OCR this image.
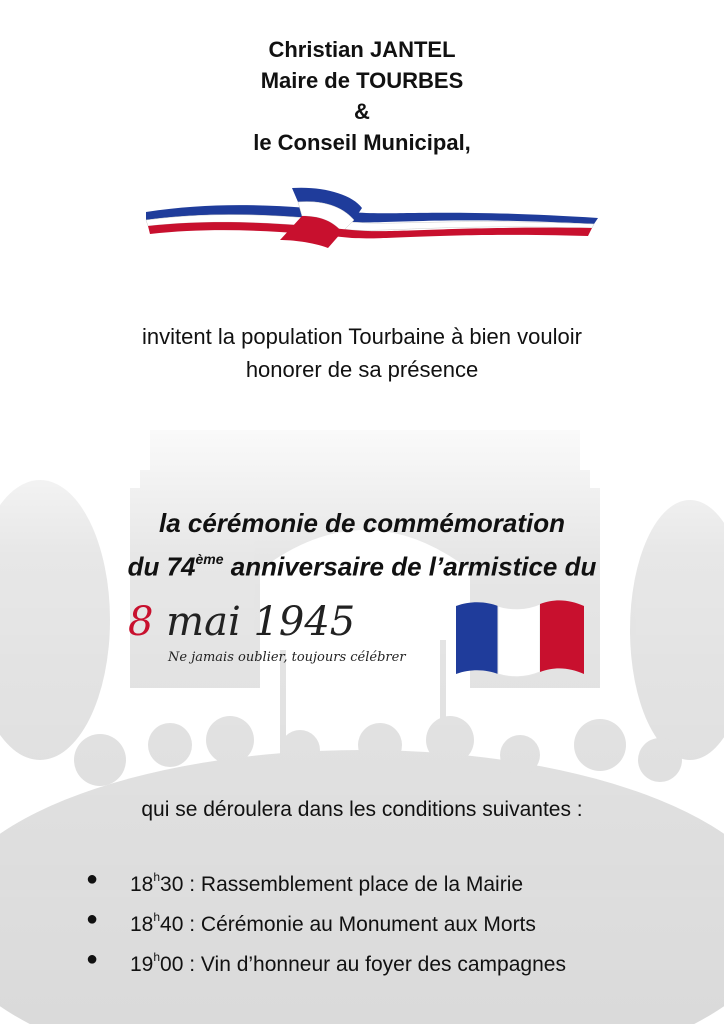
Christian JANTEL
Maire de TOURBES
&
le Conseil Municipal,
invitent la population Tourbaine à bien vouloir
honorer de sa présence
la cérémonie de commémoration
du 74ème anniversaire de l’armistice du
8 mai 1945
Ne jamais oublier, toujours célébrer
qui se déroulera dans les conditions suivantes :
● 18$^h$30 : Rassemblement place de la Mairie
● 18$^h$40 : Cérémonie au Monument aux Morts
● 19$^h$00 : Vin d’honneur au foyer des campagnes
